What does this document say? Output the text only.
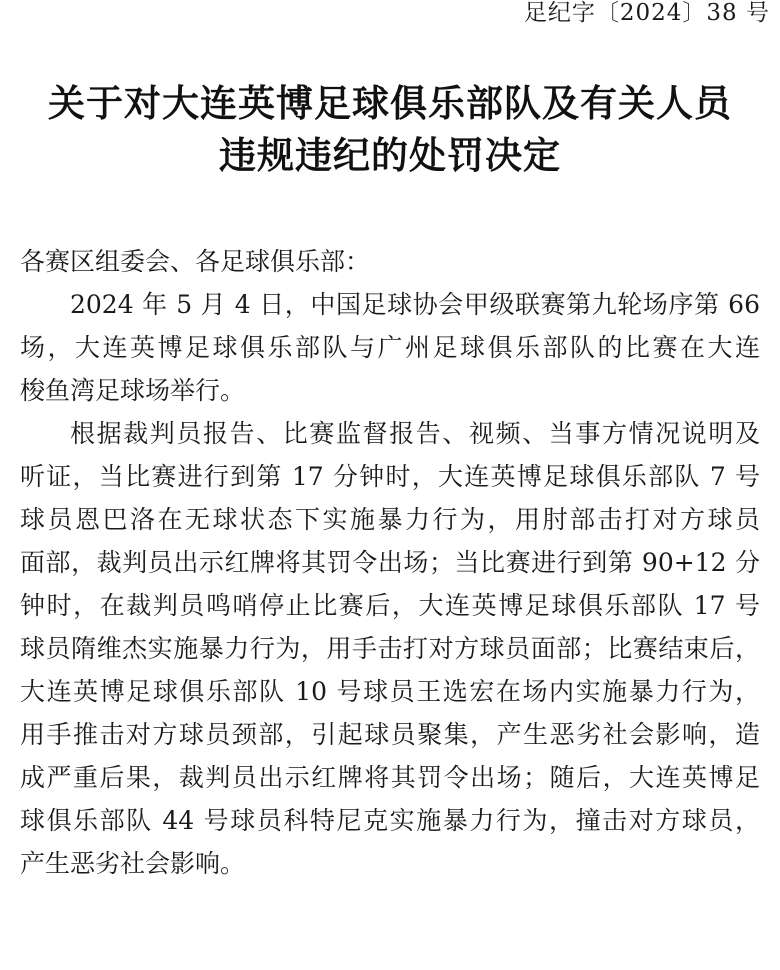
足纪字〔2024〕38 号
关于对大连英博足球俱乐部队及有关人员
违规违纪的处罚决定
各赛区组委会、各足球俱乐部：
2024 年 5 月 4 日，中国足球协会甲级联赛第九轮场序第 66
场，大连英博足球俱乐部队与广州足球俱乐部队的比赛在大连
梭鱼湾足球场举行。
根据裁判员报告、比赛监督报告、视频、当事方情况说明及
听证，当比赛进行到第 17 分钟时，大连英博足球俱乐部队 7 号
球员恩巴洛在无球状态下实施暴力行为，用肘部击打对方球员
面部，裁判员出示红牌将其罚令出场；当比赛进行到第 90+12 分
钟时，在裁判员鸣哨停止比赛后，大连英博足球俱乐部队 17 号
球员隋维杰实施暴力行为，用手击打对方球员面部；比赛结束后，
大连英博足球俱乐部队 10 号球员王选宏在场内实施暴力行为，
用手推击对方球员颈部，引起球员聚集，产生恶劣社会影响，造
成严重后果，裁判员出示红牌将其罚令出场；随后，大连英博足
球俱乐部队 44 号球员科特尼克实施暴力行为，撞击对方球员，
产生恶劣社会影响。
